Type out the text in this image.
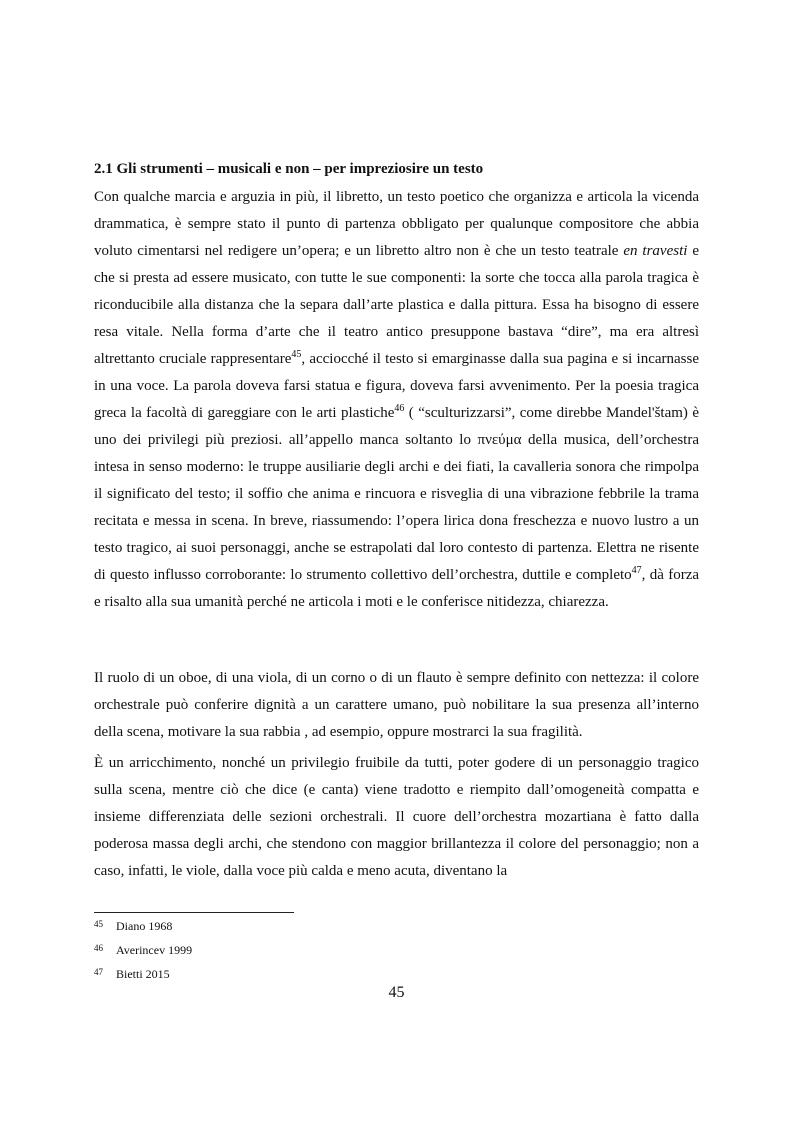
2.1 Gli strumenti – musicali e non – per impreziosire un testo

Con qualche marcia e arguzia in più, il libretto, un testo poetico che organizza e articola la vicenda drammatica, è sempre stato il punto di partenza obbligato per qualunque compositore che abbia voluto cimentarsi nel redigere un’opera; e un libretto altro non è che un testo teatrale en travesti e che si presta ad essere musicato, con tutte le sue componenti: la sorte che tocca alla parola tragica è riconducibile alla distanza che la separa dall’arte plastica e dalla pittura. Essa ha bisogno di essere resa vitale. Nella forma d’arte che il teatro antico presuppone bastava “dire”, ma era altresì altrettanto cruciale rappresentare$^{45}$, acciocché il testo si emarginasse dalla sua pagina e si incarnasse in una voce. La parola doveva farsi statua e figura, doveva farsi avvenimento. Per la poesia tragica greca la facoltà di gareggiare con le arti plastiche$^{46}$ ( “sculturizzarsi”, come direbbe Mandel'štam) è uno dei privilegi più preziosi. all’appello manca soltanto lo πνεύμα della musica, dell’orchestra intesa in senso moderno: le truppe ausiliarie degli archi e dei fiati, la cavalleria sonora che rimpolpa il significato del testo; il soffio che anima e rincuora e risveglia di una vibrazione febbrile la trama recitata e messa in scena. In breve, riassumendo: l’opera lirica dona freschezza e nuovo lustro a un testo tragico, ai suoi personaggi, anche se estrapolati dal loro contesto di partenza. Elettra ne risente di questo influsso corroborante: lo strumento collettivo dell’orchestra, duttile e completo$^{47}$, dà forza e risalto alla sua umanità perché ne articola i moti e le conferisce nitidezza, chiarezza.

Il ruolo di un oboe, di una viola, di un corno o di un flauto è sempre definito con nettezza: il colore orchestrale può conferire dignità a un carattere umano, può nobilitare la sua presenza all’interno della scena, motivare la sua rabbia , ad esempio, oppure mostrarci la sua fragilità.

È un arricchimento, nonché un privilegio fruibile da tutti, poter godere di un personaggio tragico sulla scena, mentre ciò che dice (e canta) viene tradotto e riempito dall’omogeneità compatta e insieme differenziata delle sezioni orchestrali. Il cuore dell’orchestra mozartiana è fatto dalla poderosa massa degli archi, che stendono con maggior brillantezza il colore del personaggio; non a caso, infatti, le viole, dalla voce più calda e meno acuta, diventano la

45 Diano 1968
46 Averincev 1999
47 Bietti 2015
45
